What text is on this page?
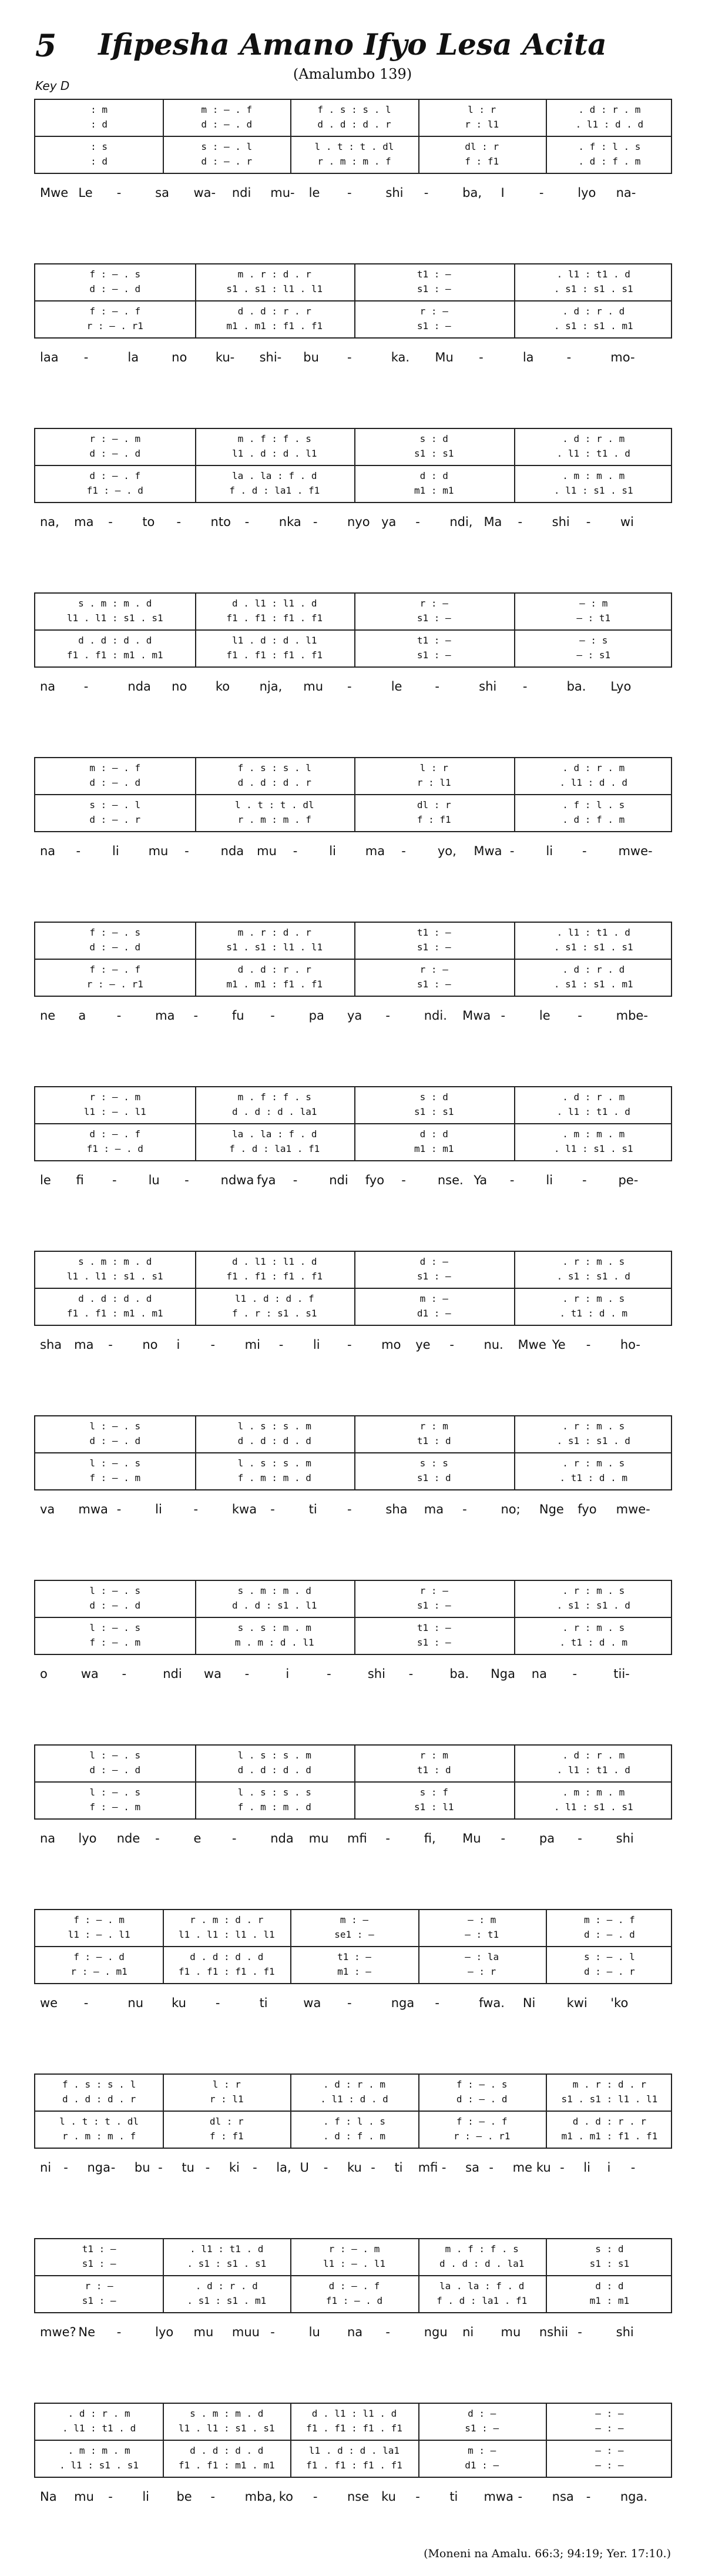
5	Ifipesha Amano Ifyo Lesa Acita
(Amalumbo 139)
Key D
: m	m : – . f	f . s : s . l	l : r	. d : r . m
: d	d : – . d	d . d : d . r	r : l1	. l1 : d . d
: s	s : – . l	l . t : t . dl	dl : r	. f : l . s
: d	d : – . r	r . m : m . f	f : f1	. d : f . m
Mwe Le -	sa wa- ndi mu- le -	shi -	ba, I	-	lyo na-
f : – . s	m . r : d . r	t1 : —	. l1 : t1 . d
d : – . d	s1 . s1 : l1 . l1	s1 : —	. s1 : s1 . s1
f : – . f	d . d : r . r	r : —	. d : r . d
r : – . r1	m1 . m1 : f1 . f1	s1 : —	. s1 : s1 . m1
laa -	la	no ku- shi- bu -	ka. Mu -	la	-	mo-
r : – . m	m . f : f . s	s : d	. d : r . m
d : – . d	l1 . d : d . l1	s1 : s1	. l1 : t1 . d
d : – . f	la . la : f . d	d : d	. m : m . m
f1 : – . d	f . d : la1 . f1	m1 : m1	. l1 : s1 . s1
na, ma - to - nto - nka - nyo ya - ndi, Ma - shi - wi
s . m : m . d	d . l1 : l1 . d	r : —	— : m
l1 . l1 : s1 . s1	f1 . f1 : f1 . f1	s1 : —	— : t1
d . d : d . d	l1 . d : d . l1	t1 : —	— : s
f1 . f1 : m1 . m1	f1 . f1 : f1 . f1	s1 : —	— : s1
na -	nda no ko nja, mu -	le	-	shi -	ba. Lyo
m : – . f	f . s : s . l	l : r	. d : r . m
d : – . d	d . d : d . r	r : l1	. l1 : d . d
s : – . l	l . t : t . dl	dl : r	. f : l . s
d : – . r	r . m : m . f	f : f1	. d : f . m
na -	li mu -	nda mu -	li ma -	yo, Mwa -	li -	mwe-
f : – . s	m . r : d . r	t1 : —	. l1 : t1 . d
d : – . d	s1 . s1 : l1 . l1	s1 : —	. s1 : s1 . s1
f : – . f	d . d : r . r	r : —	. d : r . d
r : – . r1	m1 . m1 : f1 . f1	s1 : —	. s1 : s1 . m1
ne a	-	ma -	fu -	pa ya -	ndi. Mwa -	le -	mbe-
r : – . m	m . f : f . s	s : d	. d : r . m
l1 : – . l1	d . d : d . la1	s1 : s1	. l1 : t1 . d
d : – . f	la . la : f . d	d : d	. m : m . m
f1 : – . d	f . d : la1 . f1	m1 : m1	. l1 : s1 . s1
le fi -	lu -	ndwa fya -	ndi fyo -	nse. Ya -	li -	pe-
s . m : m . d	d . l1 : l1 . d	d : —	. r : m . s
l1 . l1 : s1 . s1	f1 . f1 : f1 . f1	s1 : —	. s1 : s1 . d
d . d : d . d	l1 . d : d . f	m : —	. r : m . s
f1 . f1 : m1 . m1	f . r : s1 . s1	d1 : —	. t1 : d . m
sha ma - no i - mi - li - mo ye - nu. Mwe Ye - ho-
l : – . s	l . s : s . m	r : m	. r : m . s
d : – . d	d . d : d . d	t1 : d	. s1 : s1 . d
l : – . s	l . s : s . m	s : s	. r : m . s
f : – . m	f . m : m . d	s1 : d	. t1 : d . m
va mwa -	li	-	kwa -	ti -	sha ma -	no; Nge fyo mwe-
l : – . s	s . m : m . d	r : —	. r : m . s
d : – . d	d . d : s1 . l1	s1 : —	. s1 : s1 . d
l : – . s	s . s : m . m	t1 : —	. r : m . s
f : – . m	m . m : d . l1	s1 : —	. t1 : d . m
o	wa -	ndi wa -	i	-	shi -	ba. Nga na -	tii-
l : – . s	l . s : s . m	r : m	. d : r . m
d : – . d	d . d : d . d	t1 : d	. l1 : t1 . d
l : – . s	l . s : s . s	s : f	. m : m . m
f : – . m	f . m : m . d	s1 : l1	. l1 : s1 . s1
na lyo nde -	e -	nda mu mfi -	fi, Mu -	pa -	shi
f : – . m	r . m : d . r	m : —	— : m	m : – . f
l1 : – . l1	l1 . l1 : l1 . l1	se1 : —	— : t1	d : – . d
f : – . d	d . d : d . d	t1 : —	— : la	s : – . l
r : – . m1	f1 . f1 : f1 . f1	m1 : —	— : r	d : – . r
we -	nu ku -	ti	wa -	nga -	fwa. Ni	kwi 'ko
f . s : s . l	l : r	. d : r . m	f : – . s	m . r : d . r
d . d : d . r	r : l1	. l1 : d . d	d : – . d	s1 . s1 : l1 . l1
l . t : t . dl	dl : r	. f : l . s	f : – . f	d . d : r . r
r . m : m . f	f : f1	. d : f . m	r : – . r1	m1 . m1 : f1 . f1
ni - nga - bu - tu - ki - la, U - ku - ti mfi - sa - me ku - li i -
t1 : —	. l1 : t1 . d	r : – . m	m . f : f . s	s : d
s1 : —	. s1 : s1 . s1	l1 : – . l1	d . d : d . la1	s1 : s1
r : —	. d : r . d	d : – . f	la . la : f . d	d : d
s1 : —	. s1 : s1 . m1	f1 : – . d	f . d : la1 . f1	m1 : m1
mwe? Ne -	lyo mu muu -	lu na -	ngu ni mu nshii -	shi
. d : r . m	s . m : m . d	d . l1 : l1 . d	d : —	— : —
. l1 : t1 . d	l1 . l1 : s1 . s1	f1 . f1 : f1 . f1	s1 : —	— : —
. m : m . m	d . d : d . d	l1 . d : d . la1	m : —	— : —
. l1 : s1 . s1	f1 . f1 : m1 . m1	f1 . f1 : f1 . f1	d1 : —	— : —
Na mu - li be - mba, ko - nse ku - ti mwa - nsa - nga.
(Moneni na Amalu. 66:3; 94:19; Yer. 17:10.)
